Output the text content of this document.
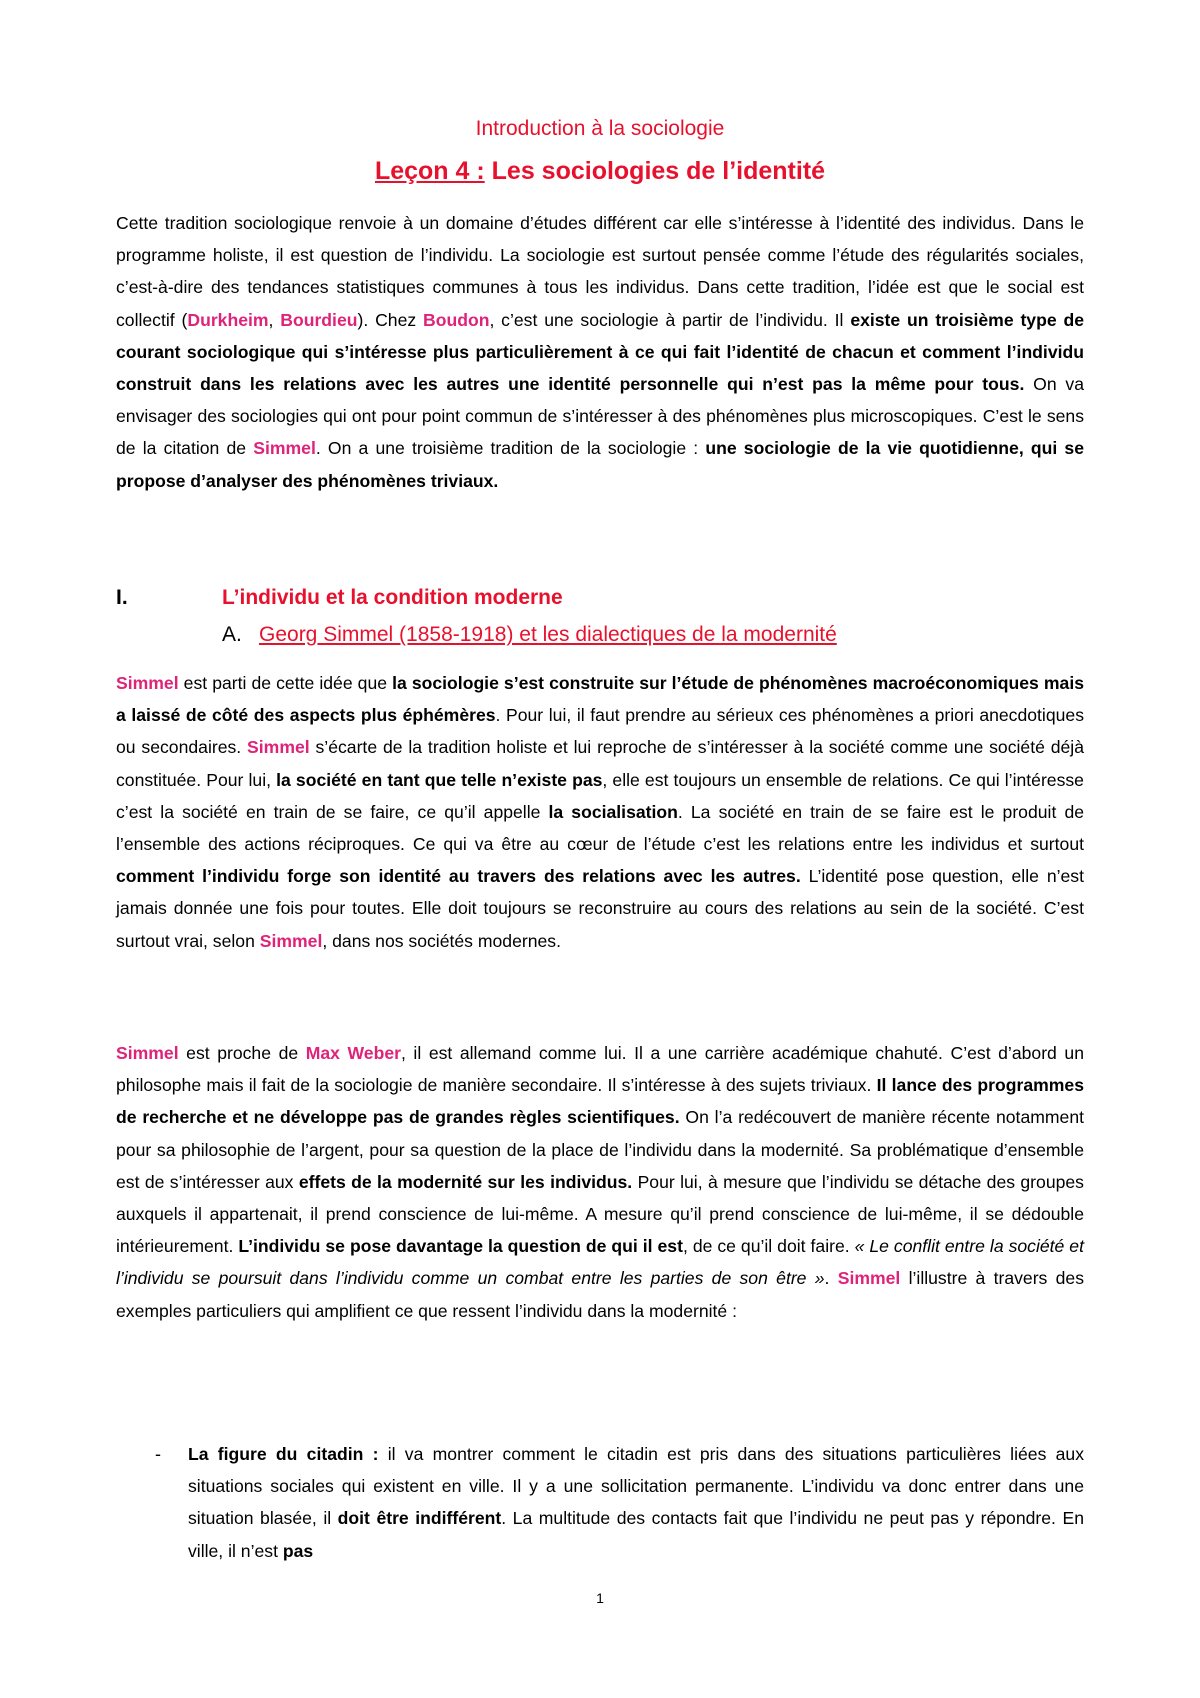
Introduction à la sociologie
Leçon 4 : Les sociologies de l’identité

Cette tradition sociologique renvoie à un domaine d’études différent car elle s’intéresse à l’identité des individus. Dans le programme holiste, il est question de l’individu. La sociologie est surtout pensée comme l’étude des régularités sociales, c’est-à-dire des tendances statistiques communes à tous les individus. Dans cette tradition, l’idée est que le social est collectif (Durkheim, Bourdieu). Chez Boudon, c’est une sociologie à partir de l’individu. Il existe un troisième type de courant sociologique qui s’intéresse plus particulièrement à ce qui fait l’identité de chacun et comment l’individu construit dans les relations avec les autres une identité personnelle qui n’est pas la même pour tous. On va envisager des sociologies qui ont pour point commun de s’intéresser à des phénomènes plus microscopiques. C’est le sens de la citation de Simmel. On a une troisième tradition de la sociologie : une sociologie de la vie quotidienne, qui se propose d’analyser des phénomènes triviaux.

I.	L’individu et la condition moderne
A. Georg Simmel (1858-1918) et les dialectiques de la modernité

Simmel est parti de cette idée que la sociologie s’est construite sur l’étude de phénomènes macroéconomiques mais a laissé de côté des aspects plus éphémères. Pour lui, il faut prendre au sérieux ces phénomènes a priori anecdotiques ou secondaires. Simmel s’écarte de la tradition holiste et lui reproche de s’intéresser à la société comme une société déjà constituée. Pour lui, la société en tant que telle n’existe pas, elle est toujours un ensemble de relations. Ce qui l’intéresse c’est la société en train de se faire, ce qu’il appelle la socialisation. La société en train de se faire est le produit de l’ensemble des actions réciproques. Ce qui va être au cœur de l’étude c’est les relations entre les individus et surtout comment l’individu forge son identité au travers des relations avec les autres. L’identité pose question, elle n’est jamais donnée une fois pour toutes. Elle doit toujours se reconstruire au cours des relations au sein de la société. C’est surtout vrai, selon Simmel, dans nos sociétés modernes.

Simmel est proche de Max Weber, il est allemand comme lui. Il a une carrière académique chahuté. C’est d’abord un philosophe mais il fait de la sociologie de manière secondaire. Il s’intéresse à des sujets triviaux. Il lance des programmes de recherche et ne développe pas de grandes règles scientifiques. On l’a redécouvert de manière récente notamment pour sa philosophie de l’argent, pour sa question de la place de l’individu dans la modernité. Sa problématique d’ensemble est de s’intéresser aux effets de la modernité sur les individus. Pour lui, à mesure que l’individu se détache des groupes auxquels il appartenait, il prend conscience de lui-même. A mesure qu’il prend conscience de lui-même, il se dédouble intérieurement. L’individu se pose davantage la question de qui il est, de ce qu’il doit faire. « Le conflit entre la société et l’individu se poursuit dans l’individu comme un combat entre les parties de son être ». Simmel l’illustre à travers des exemples particuliers qui amplifient ce que ressent l’individu dans la modernité :

- La figure du citadin : il va montrer comment le citadin est pris dans des situations particulières liées aux situations sociales qui existent en ville. Il y a une sollicitation permanente. L’individu va donc entrer dans une situation blasée, il doit être indifférent. La multitude des contacts fait que l’individu ne peut pas y répondre. En ville, il n’est pas

1
